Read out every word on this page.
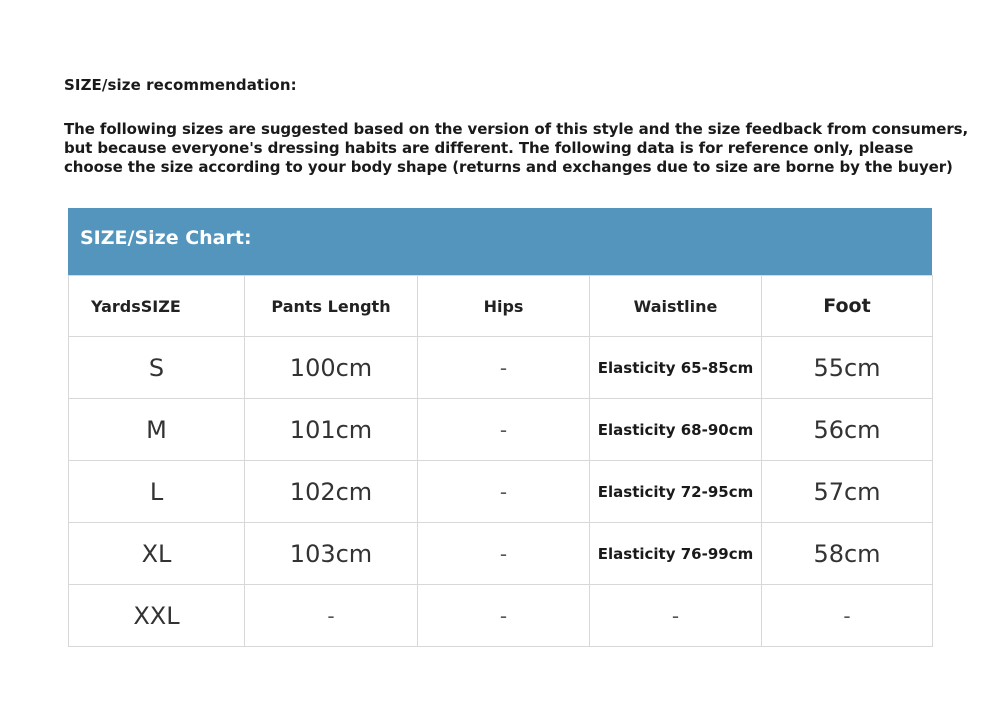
SIZE/size recommendation:
The following sizes are suggested based on the version of this style and the size feedback from consumers,
but because everyone's dressing habits are different. The following data is for reference only, please
choose the size according to your body shape (returns and exchanges due to size are borne by the buyer)
SIZE/Size Chart:
YardsSIZE	Pants Length	Hips	Waistline	Foot
S	100cm	-	Elasticity 65-85cm	55cm
M	101cm	-	Elasticity 68-90cm	56cm
L	102cm	-	Elasticity 72-95cm	57cm
XL	103cm	-	Elasticity 76-99cm	58cm
XXL	-	-	-	-
